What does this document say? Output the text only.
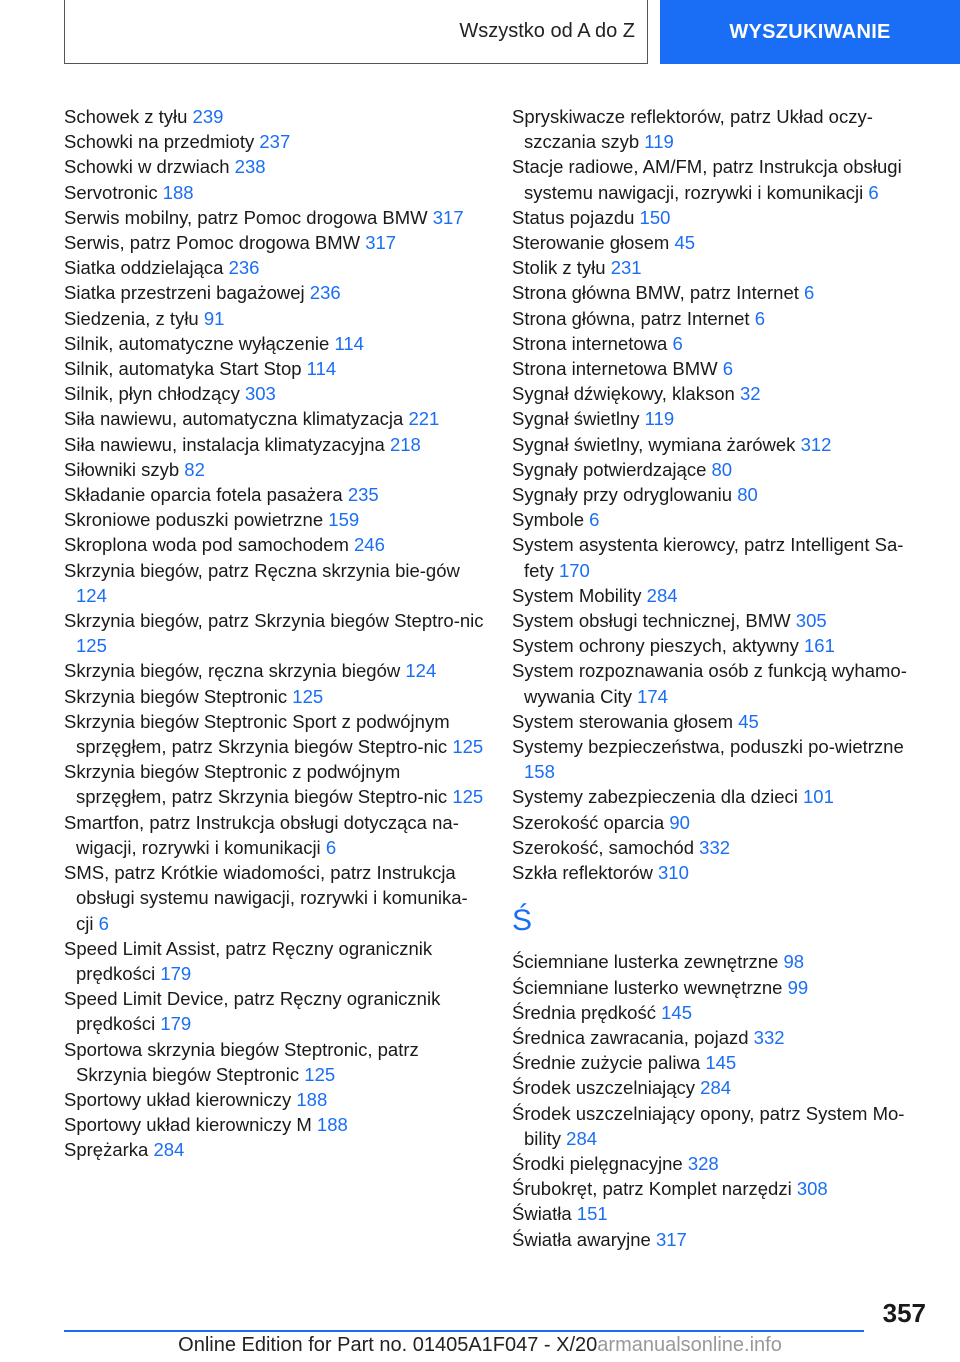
Wszystko od A do Z	WYSZUKIWANIE
Schowek z tyłu 239
Schowki na przedmioty 237
Schowki w drzwiach 238
Servotronic 188
Serwis mobilny, patrz Pomoc drogowa BMW 317
Serwis, patrz Pomoc drogowa BMW 317
Siatka oddzielająca 236
Siatka przestrzeni bagażowej 236
Siedzenia, z tyłu 91
Silnik, automatyczne wyłączenie 114
Silnik, automatyka Start Stop 114
Silnik, płyn chłodzący 303
Siła nawiewu, automatyczna klimatyzacja 221
Siła nawiewu, instalacja klimatyzacyjna 218
Siłowniki szyb 82
Składanie oparcia fotela pasażera 235
Skroniowe poduszki powietrzne 159
Skroplona woda pod samochodem 246
Skrzynia biegów, patrz Ręczna skrzynia bie-gów 124
Skrzynia biegów, patrz Skrzynia biegów Steptro-nic 125
Skrzynia biegów, ręczna skrzynia biegów 124
Skrzynia biegów Steptronic 125
Skrzynia biegów Steptronic Sport z podwójnym sprzęgłem, patrz Skrzynia biegów Steptro-nic 125
Skrzynia biegów Steptronic z podwójnym sprzęgłem, patrz Skrzynia biegów Steptro-nic 125
Smartfon, patrz Instrukcja obsługi dotycząca na-wigacji, rozrywki i komunikacji 6
SMS, patrz Krótkie wiadomości, patrz Instrukcja obsługi systemu nawigacji, rozrywki i komunika-cji 6
Speed Limit Assist, patrz Ręczny ogranicznik prędkości 179
Speed Limit Device, patrz Ręczny ogranicznik prędkości 179
Sportowa skrzynia biegów Steptronic, patrz Skrzynia biegów Steptronic 125
Sportowy układ kierowniczy 188
Sportowy układ kierowniczy M 188
Sprężarka 284
Spryskiwacze reflektorów, patrz Układ oczy-szczania szyb 119
Stacje radiowe, AM/FM, patrz Instrukcja obsługi systemu nawigacji, rozrywki i komunikacji 6
Status pojazdu 150
Sterowanie głosem 45
Stolik z tyłu 231
Strona główna BMW, patrz Internet 6
Strona główna, patrz Internet 6
Strona internetowa 6
Strona internetowa BMW 6
Sygnał dźwiękowy, klakson 32
Sygnał świetlny 119
Sygnał świetlny, wymiana żarówek 312
Sygnały potwierdzające 80
Sygnały przy odryglowaniu 80
Symbole 6
System asystenta kierowcy, patrz Intelligent Sa-fety 170
System Mobility 284
System obsługi technicznej, BMW 305
System ochrony pieszych, aktywny 161
System rozpoznawania osób z funkcją wyhamo-wywania City 174
System sterowania głosem 45
Systemy bezpieczeństwa, poduszki po-wietrzne 158
Systemy zabezpieczenia dla dzieci 101
Szerokość oparcia 90
Szerokość, samochód 332
Szkła reflektorów 310
Ś
Ściemniane lusterka zewnętrzne 98
Ściemniane lusterko wewnętrzne 99
Średnia prędkość 145
Średnica zawracania, pojazd 332
Średnie zużycie paliwa 145
Środek uszczelniający 284
Środek uszczelniający opony, patrz System Mo-bility 284
Środki pielęgnacyjne 328
Śrubokręt, patrz Komplet narzędzi 308
Światła 151
Światła awaryjne 317
357
Online Edition for Part no. 01405A1F047 - X/20armanualsonline.info
